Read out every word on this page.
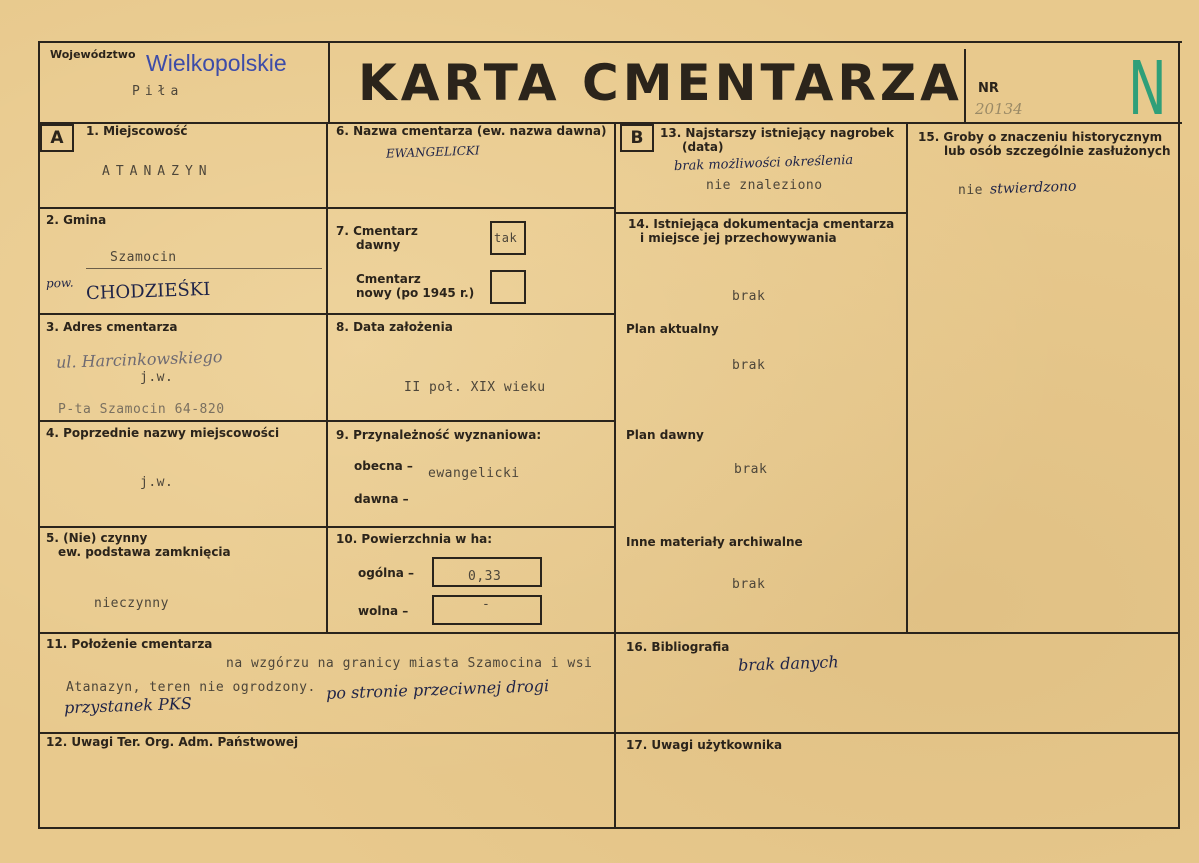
Województwo Wielkopolskie
Piła	KARTA CMENTARZA NR
20134 N
A	1. Miejscowość
ATANAZYN
2. Gmina
Szamocin
pow. CHODZIEŚKI
3. Adres cmentarza
ul. Harcinkowskiego
j.w.
P-ta Szamocin 64-820
4. Poprzednie nazwy miejscowości
j.w.
5. (Nie) czynny
ew. podstawa zamknięcia
nieczynny
6. Nazwa cmentarza (ew. nazwa dawna)
EWANGELICKI
7. Cmentarz
dawny	tak
Cmentarz
nowy (po 1945 r.)
8. Data założenia
II poł. XIX wieku
9. Przynależność wyznaniowa:
obecna – ewangelicki
dawna –
10. Powierzchnia w ha:
ogólna –	0,33
wolna –	-
11. Położenie cmentarza
na wzgórzu na granicy miasta Szamocina i wsi
Atanazyn, teren nie ogrodzony. po stronie przeciwnej drogi
przystanek PKS
12. Uwagi Ter. Org. Adm. Państwowej
B	13. Najstarszy istniejący nagrobek
(data)
brak możliwości określenia
nie znaleziono
14. Istniejąca dokumentacja cmentarza
i miejsce jej przechowywania
brak
Plan aktualny
brak
Plan dawny
brak
Inne materiały archiwalne
brak
15. Groby o znaczeniu historycznym
lub osób szczególnie zasłużonych
nie stwierdzono
16. Bibliografia
brak danych
17. Uwagi użytkownika
